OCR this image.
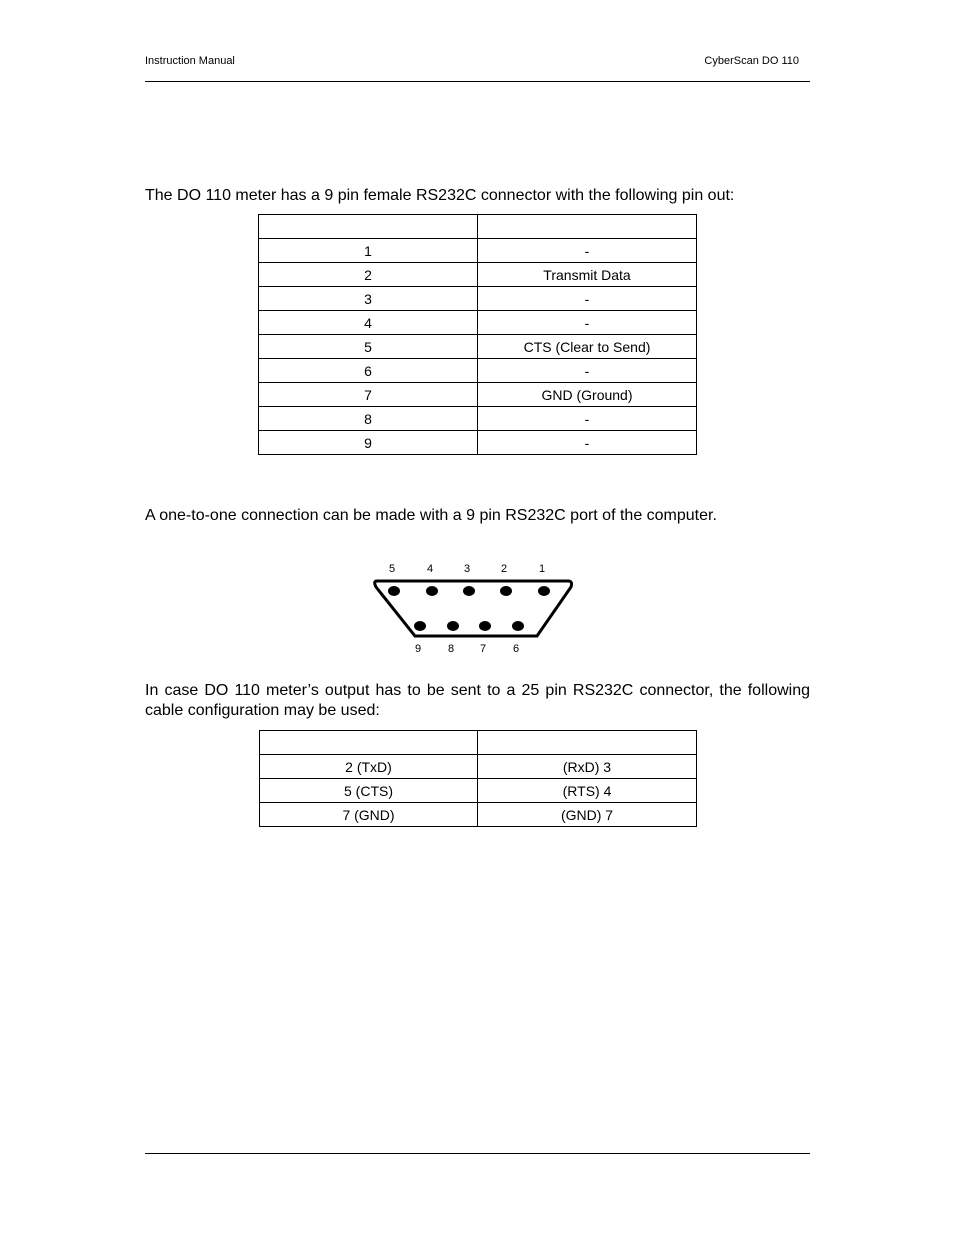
Instruction Manual	CyberScan DO 110
The DO 110 meter has a 9 pin female RS232C connector with the following pin out:

1	-
2	Transmit Data
3	-
4	-
5	CTS (Clear to Send)
6	-
7	GND (Ground)
8	-
9	-
A one-to-one connection can be made with a 9 pin RS232C port of the computer.
5	4	3	2	1
9 8 7 6
In case DO 110 meter’s output has to be sent to a 25 pin RS232C connector, the following cable configuration may be used:

2 (TxD)	(RxD) 3
5 (CTS)	(RTS) 4
7 (GND)	(GND) 7
